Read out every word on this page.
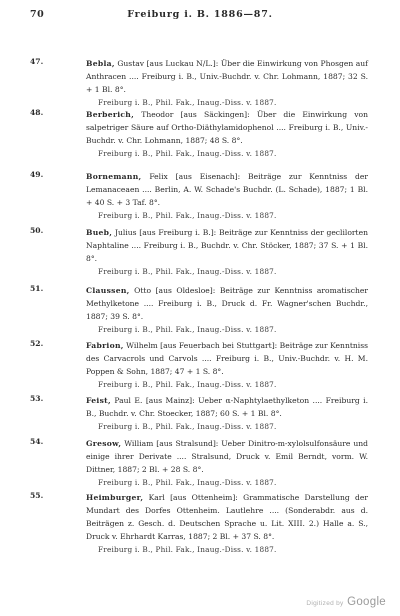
70	Freiburg i. B. 1886—87.
47.	Bebla, Gustav [aus Luckau N/L.]: Über die Einwirkung von Phosgen auf Anthracen .... Freiburg i. B., Univ.-Buchdr. v. Chr. Lohmann, 1887; 32 S. + 1 Bl. 8°.
Freiburg i. B., Phil. Fak., Inaug.-Diss. v. 1887.
48.	Berberich, Theodor [aus Säckingen]: Über die Einwirkung von salpetriger Säure auf Ortho-Diäthylamidophenol .... Freiburg i. B., Univ.-Buchdr. v. Chr. Lohmann, 1887; 48 S. 8°.
Freiburg i. B., Phil. Fak., Inaug.-Diss. v. 1887.
49.	Bornemann, Felix [aus Eisenach]: Beiträge zur Kenntniss der Lemanaceaen .... Berlin, A. W. Schade's Buchdr. (L. Schade), 1887; 1 Bl. + 40 S. + 3 Taf. 8°.
Freiburg i. B., Phil. Fak., Inaug.-Diss. v. 1887.
50.	Bueb, Julius [aus Freiburg i. B.]: Beiträge zur Kenntniss der geclilorten Naphtaline .... Freiburg i. B., Buchdr. v. Chr. Stöcker, 1887; 37 S. + 1 Bl. 8°.
Freiburg i. B., Phil. Fak., Inaug.-Diss. v. 1887.
51.	Claussen, Otto [aus Oldesloe]: Beiträge zur Kenntniss aromatischer Methylketone .... Freiburg i. B., Druck d. Fr. Wagner'schen Buchdr., 1887; 39 S. 8°.
Freiburg i. B., Phil. Fak., Inaug.-Diss. v. 1887.
52.	Fabrion, Wilhelm [aus Feuerbach bei Stuttgart]: Beiträge zur Kenntniss des Carvacrols und Carvols .... Freiburg i. B., Univ.-Buchdr. v. H. M. Poppen & Sohn, 1887; 47 + 1 S. 8°.
Freiburg i. B., Phil. Fak., Inaug.-Diss. v. 1887.
53.	Feist, Paul E. [aus Mainz]: Ueber α-Naphtylaethylketon .... Freiburg i. B., Buchdr. v. Chr. Stoecker, 1887; 60 S. + 1 Bl. 8°.
Freiburg i. B., Phil. Fak., Inaug.-Diss. v. 1887.
54.	Gresow, William [aus Stralsund]: Ueber Dinitro-m-xylolsulfonsäure und einige ihrer Derivate .... Stralsund, Druck v. Emil Berndt, vorm. W. Dittner, 1887; 2 Bl. + 28 S. 8°.
Freiburg i. B., Phil. Fak., Inaug.-Diss. v. 1887.
55.	Heimburger, Karl [aus Ottenheim]: Grammatische Darstellung der Mundart des Dorfes Ottenheim. Lautlehre .... (Sonderabdr. aus d. Beiträgen z. Gesch. d. Deutschen Sprache u. Lit. XIII. 2.) Halle a. S., Druck v. Ehrhardt Karras, 1887; 2 Bl. + 37 S. 8°.
Freiburg i. B., Phil. Fak., Inaug.-Diss. v. 1887.
Digitized by Google
